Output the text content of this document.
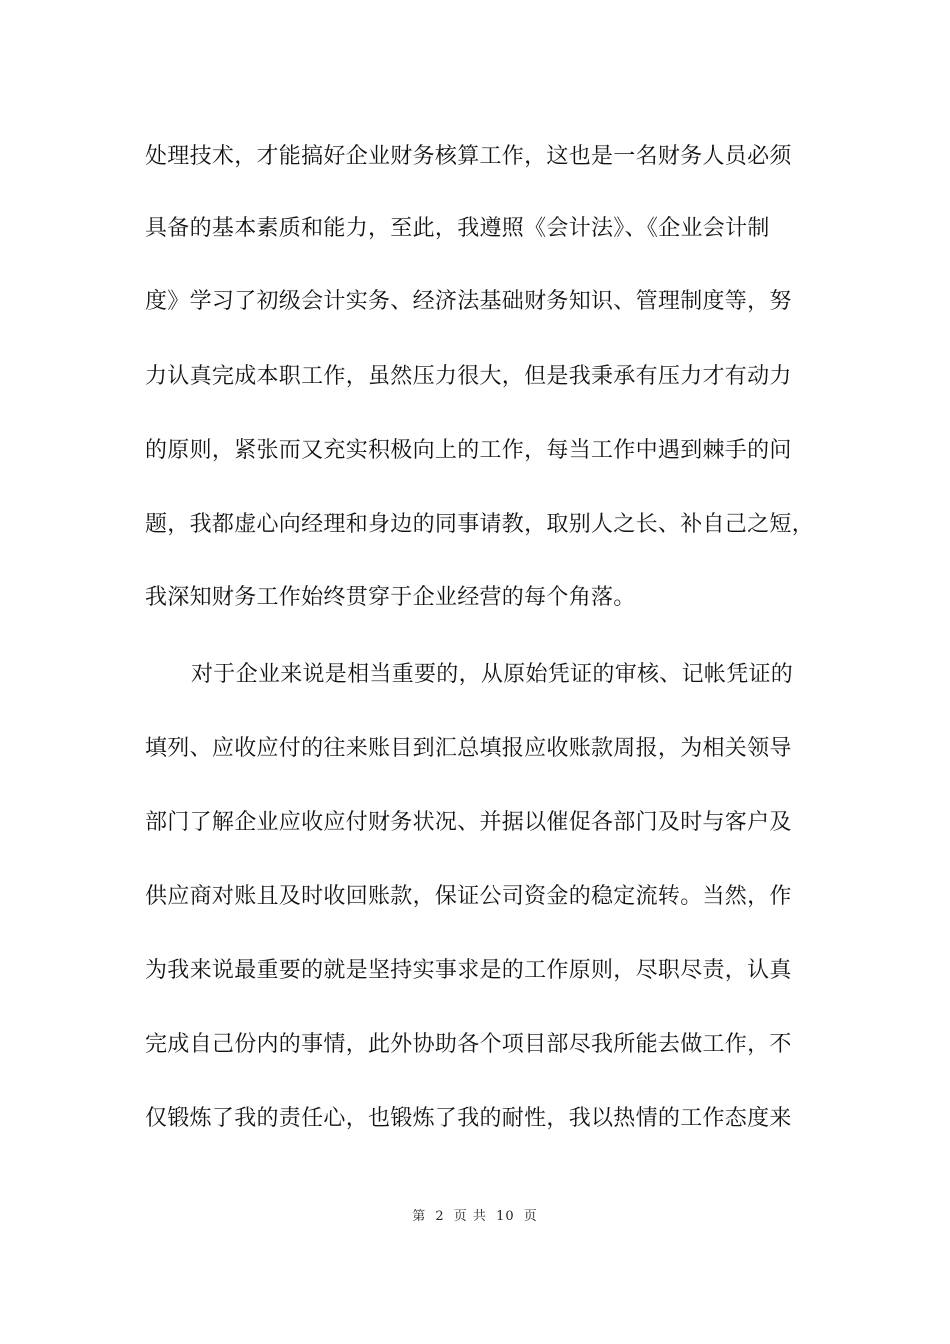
处理技术，才能搞好企业财务核算工作，这也是一名财务人员必须
具备的基本素质和能力，至此，我遵照《会计法》、《企业会计制
度》学习了初级会计实务、经济法基础财务知识、管理制度等，努
力认真完成本职工作，虽然压力很大，但是我秉承有压力才有动力
的原则，紧张而又充实积极向上的工作，每当工作中遇到棘手的问
题，我都虚心向经理和身边的同事请教，取别人之长、补自己之短，
我深知财务工作始终贯穿于企业经营的每个角落。
对于企业来说是相当重要的，从原始凭证的审核、记帐凭证的
填列、应收应付的往来账目到汇总填报应收账款周报，为相关领导
部门了解企业应收应付财务状况、并据以催促各部门及时与客户及
供应商对账且及时收回账款，保证公司资金的稳定流转。当然，作
为我来说最重要的就是坚持实事求是的工作原则，尽职尽责，认真
完成自己份内的事情，此外协助各个项目部尽我所能去做工作，不
仅锻炼了我的责任心，也锻炼了我的耐性，我以热情的工作态度来
第 2 页 共 10 页
